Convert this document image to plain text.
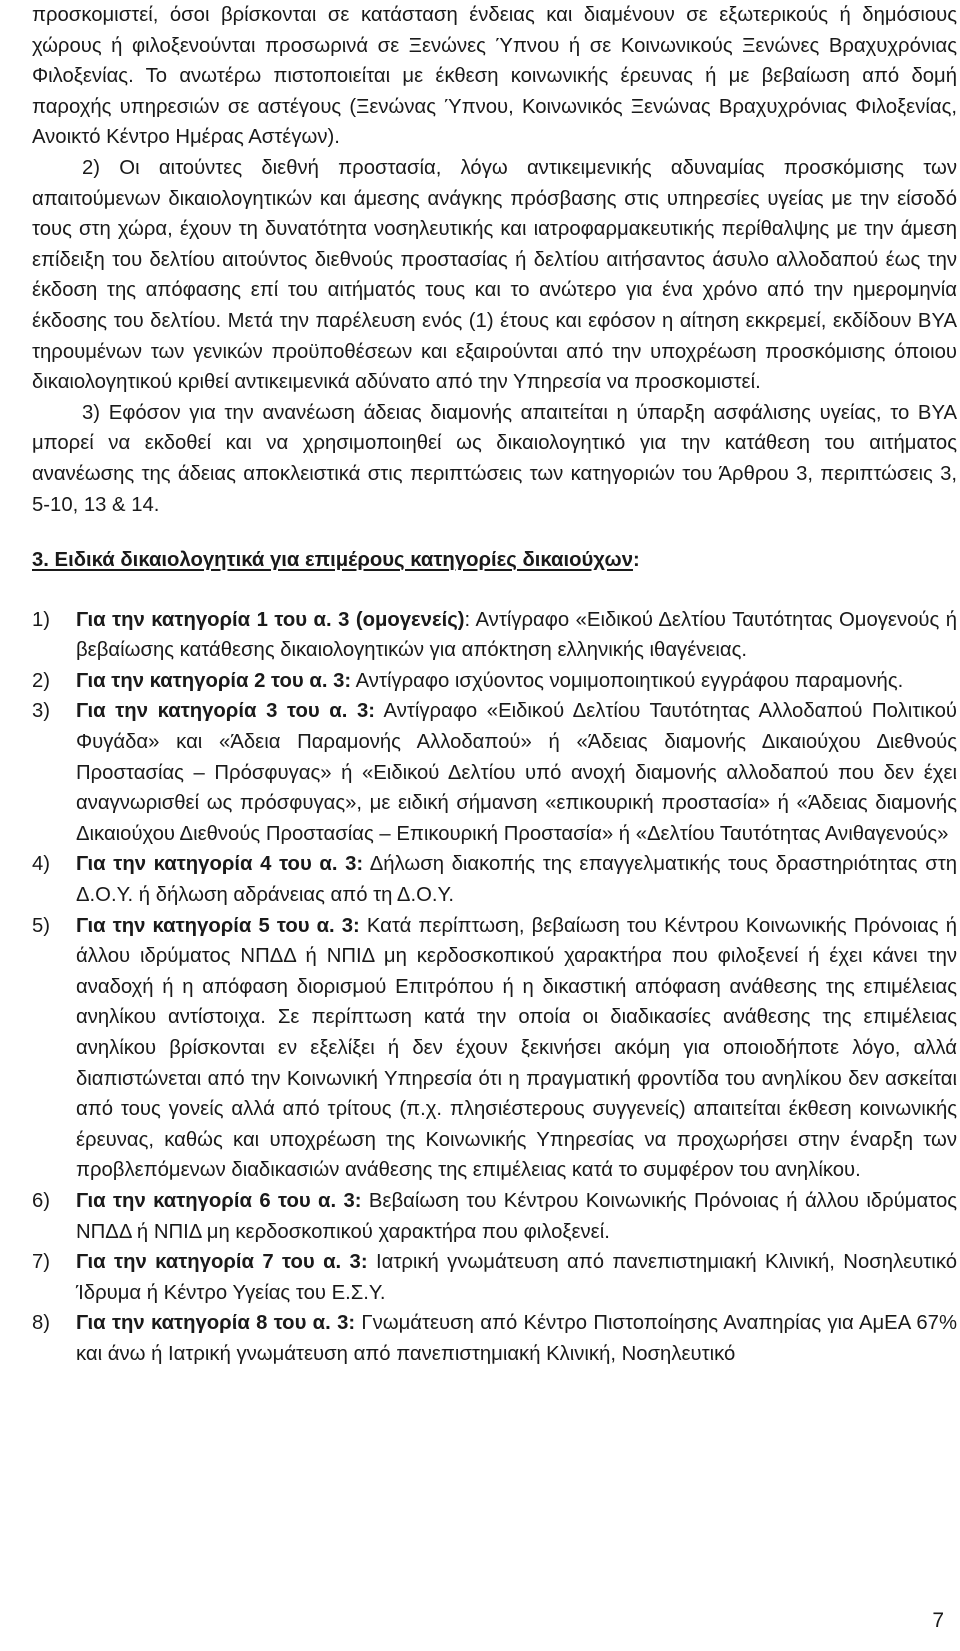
προσκομιστεί, όσοι βρίσκονται σε κατάσταση ένδειας και διαμένουν σε εξωτερικούς ή δημόσιους χώρους ή φιλοξενούνται προσωρινά σε Ξενώνες Ύπνου ή σε Κοινωνικούς Ξενώνες Βραχυχρόνιας Φιλοξενίας. Το ανωτέρω πιστοποιείται με έκθεση κοινωνικής έρευνας ή με βεβαίωση από δομή παροχής υπηρεσιών σε αστέγους (Ξενώνας Ύπνου, Κοινωνικός Ξενώνας Βραχυχρόνιας Φιλοξενίας, Ανοικτό Κέντρο Ημέρας Αστέγων).

2) Οι αιτούντες διεθνή προστασία, λόγω αντικειμενικής αδυναμίας προσκόμισης των απαιτούμενων δικαιολογητικών και άμεσης ανάγκης πρόσβασης στις υπηρεσίες υγείας με την είσοδό τους στη χώρα, έχουν τη δυνατότητα νοσηλευτικής και ιατροφαρμακευτικής περίθαλψης με την άμεση επίδειξη του δελτίου αιτούντος διεθνούς προστασίας ή δελτίου αιτήσαντος άσυλο αλλοδαπού έως την έκδοση της απόφασης επί του αιτήματός τους και το ανώτερο για ένα χρόνο από την ημερομηνία έκδοσης του δελτίου. Μετά την παρέλευση ενός (1) έτους και εφόσον η αίτηση εκκρεμεί, εκδίδουν ΒΥΑ τηρουμένων των γενικών προϋποθέσεων και εξαιρούνται από την υποχρέωση προσκόμισης όποιου δικαιολογητικού κριθεί αντικειμενικά αδύνατο από την Υπηρεσία να προσκομιστεί.

3) Εφόσον για την ανανέωση άδειας διαμονής απαιτείται η ύπαρξη ασφάλισης υγείας, το ΒΥΑ μπορεί να εκδοθεί και να χρησιμοποιηθεί ως δικαιολογητικό για την κατάθεση του αιτήματος ανανέωσης της άδειας αποκλειστικά στις περιπτώσεις των κατηγοριών του Άρθρου 3, περιπτώσεις 3, 5-10, 13 & 14.

3. Ειδικά δικαιολογητικά για επιμέρους κατηγορίες δικαιούχων:

1) Για την κατηγορία 1 του α. 3 (ομογενείς): Αντίγραφο «Ειδικού Δελτίου Ταυτότητας Ομογενούς ή βεβαίωσης κατάθεσης δικαιολογητικών για απόκτηση ελληνικής ιθαγένειας.
2) Για την κατηγορία 2 του α. 3: Αντίγραφο ισχύοντος νομιμοποιητικού εγγράφου παραμονής.
3) Για την κατηγορία 3 του α. 3: Αντίγραφο «Ειδικού Δελτίου Ταυτότητας Αλλοδαπού Πολιτικού Φυγάδα» και «Άδεια Παραμονής Αλλοδαπού» ή «Άδειας διαμονής Δικαιούχου Διεθνούς Προστασίας – Πρόσφυγας» ή «Ειδικού Δελτίου υπό ανοχή διαμονής αλλοδαπού που δεν έχει αναγνωρισθεί ως πρόσφυγας», με ειδική σήμανση «επικουρική προστασία» ή «Άδειας διαμονής Δικαιούχου Διεθνούς Προστασίας – Επικουρική Προστασία» ή «Δελτίου Ταυτότητας Ανιθαγενούς»
4) Για την κατηγορία 4 του α. 3: Δήλωση διακοπής της επαγγελματικής τους δραστηριότητας στη Δ.Ο.Υ. ή δήλωση αδράνειας από τη Δ.Ο.Υ.
5) Για την κατηγορία 5 του α. 3: Κατά περίπτωση, βεβαίωση του Κέντρου Κοινωνικής Πρόνοιας ή άλλου ιδρύματος ΝΠΔΔ ή ΝΠΙΔ μη κερδοσκοπικού χαρακτήρα που φιλοξενεί ή έχει κάνει την αναδοχή ή η απόφαση διορισμού Επιτρόπου ή η δικαστική απόφαση ανάθεσης της επιμέλειας ανηλίκου αντίστοιχα. Σε περίπτωση κατά την οποία οι διαδικασίες ανάθεσης της επιμέλειας ανηλίκου βρίσκονται εν εξελίξει ή δεν έχουν ξεκινήσει ακόμη για οποιοδήποτε λόγο, αλλά διαπιστώνεται από την Κοινωνική Υπηρεσία ότι η πραγματική φροντίδα του ανηλίκου δεν ασκείται από τους γονείς αλλά από τρίτους (π.χ. πλησιέστερους συγγενείς) απαιτείται έκθεση κοινωνικής έρευνας, καθώς και υποχρέωση της Κοινωνικής Υπηρεσίας να προχωρήσει στην έναρξη των προβλεπόμενων διαδικασιών ανάθεσης της επιμέλειας κατά το συμφέρον του ανηλίκου.
6) Για την κατηγορία 6 του α. 3: Βεβαίωση του Κέντρου Κοινωνικής Πρόνοιας ή άλλου ιδρύματος ΝΠΔΔ ή ΝΠΙΔ μη κερδοσκοπικού χαρακτήρα που φιλοξενεί.
7) Για την κατηγορία 7 του α. 3: Ιατρική γνωμάτευση από πανεπιστημιακή Κλινική, Νοσηλευτικό Ίδρυμα ή Κέντρο Υγείας του Ε.Σ.Υ.
8) Για την κατηγορία 8 του α. 3: Γνωμάτευση από Κέντρο Πιστοποίησης Αναπηρίας για ΑμΕΑ 67% και άνω ή Ιατρική γνωμάτευση από πανεπιστημιακή Κλινική, Νοσηλευτικό
7
